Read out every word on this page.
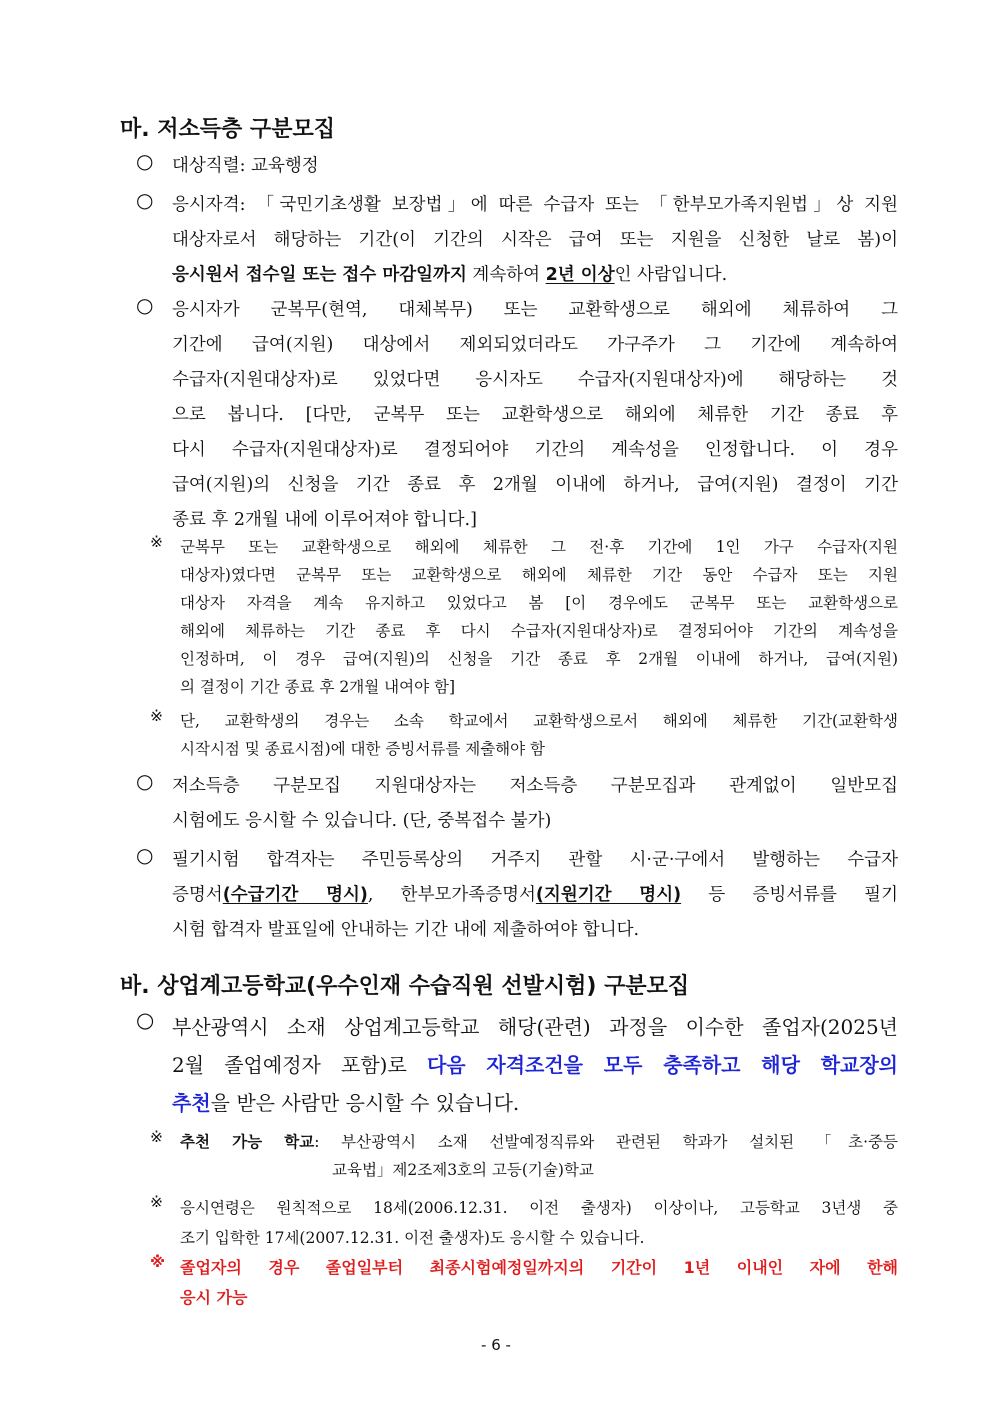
마. 저소득층 구분모집
○ 대상직렬: 교육행정
○ 응시자격: 「국민기초생활 보장법」에 따른 수급자 또는 「한부모가족지원법」상 지원
대상자로서 해당하는 기간(이 기간의 시작은 급여 또는 지원을 신청한 날로 봄)이
응시원서 접수일 또는 접수 마감일까지 계속하여 2년 이상인 사람입니다.
○ 응시자가 군복무(현역, 대체복무) 또는 교환학생으로 해외에 체류하여 그
기간에 급여(지원) 대상에서 제외되었더라도 가구주가 그 기간에 계속하여
수급자(지원대상자)로 있었다면 응시자도 수급자(지원대상자)에 해당하는 것
으로 봅니다. [다만, 군복무 또는 교환학생으로 해외에 체류한 기간 종료 후
다시 수급자(지원대상자)로 결정되어야 기간의 계속성을 인정합니다. 이 경우
급여(지원)의 신청을 기간 종료 후 2개월 이내에 하거나, 급여(지원) 결정이 기간
종료 후 2개월 내에 이루어져야 합니다.]
※ 군복무 또는 교환학생으로 해외에 체류한 그 전·후 기간에 1인 가구 수급자(지원
대상자)였다면 군복무 또는 교환학생으로 해외에 체류한 기간 동안 수급자 또는 지원
대상자 자격을 계속 유지하고 있었다고 봄 [이 경우에도 군복무 또는 교환학생으로
해외에 체류하는 기간 종료 후 다시 수급자(지원대상자)로 결정되어야 기간의 계속성을
인정하며, 이 경우 급여(지원)의 신청을 기간 종료 후 2개월 이내에 하거나, 급여(지원)
의 결정이 기간 종료 후 2개월 내여야 함]
※ 단, 교환학생의 경우는 소속 학교에서 교환학생으로서 해외에 체류한 기간(교환학생
시작시점 및 종료시점)에 대한 증빙서류를 제출해야 함
○ 저소득층 구분모집 지원대상자는 저소득층 구분모집과 관계없이 일반모집
시험에도 응시할 수 있습니다. (단, 중복접수 불가)
○ 필기시험 합격자는 주민등록상의 거주지 관할 시·군·구에서 발행하는 수급자
증명서(수급기간 명시), 한부모가족증명서(지원기간 명시) 등 증빙서류를 필기
시험 합격자 발표일에 안내하는 기간 내에 제출하여야 합니다.
바. 상업계고등학교(우수인재 수습직원 선발시험) 구분모집
○ 부산광역시 소재 상업계고등학교 해당(관련) 과정을 이수한 졸업자(2025년
2월 졸업예정자 포함)로 다음 자격조건을 모두 충족하고 해당 학교장의
추천을 받은 사람만 응시할 수 있습니다.
※ 추천 가능 학교: 부산광역시 소재 선발예정직류와 관련된 학과가 설치된 「초·중등
교육법」제2조제3호의 고등(기술)학교
※ 응시연령은 원칙적으로 18세(2006.12.31. 이전 출생자) 이상이나, 고등학교 3년생 중
조기 입학한 17세(2007.12.31. 이전 출생자)도 응시할 수 있습니다.
※ 졸업자의 경우 졸업일부터 최종시험예정일까지의 기간이 1년 이내인 자에 한해
응시 가능
- 6 -
